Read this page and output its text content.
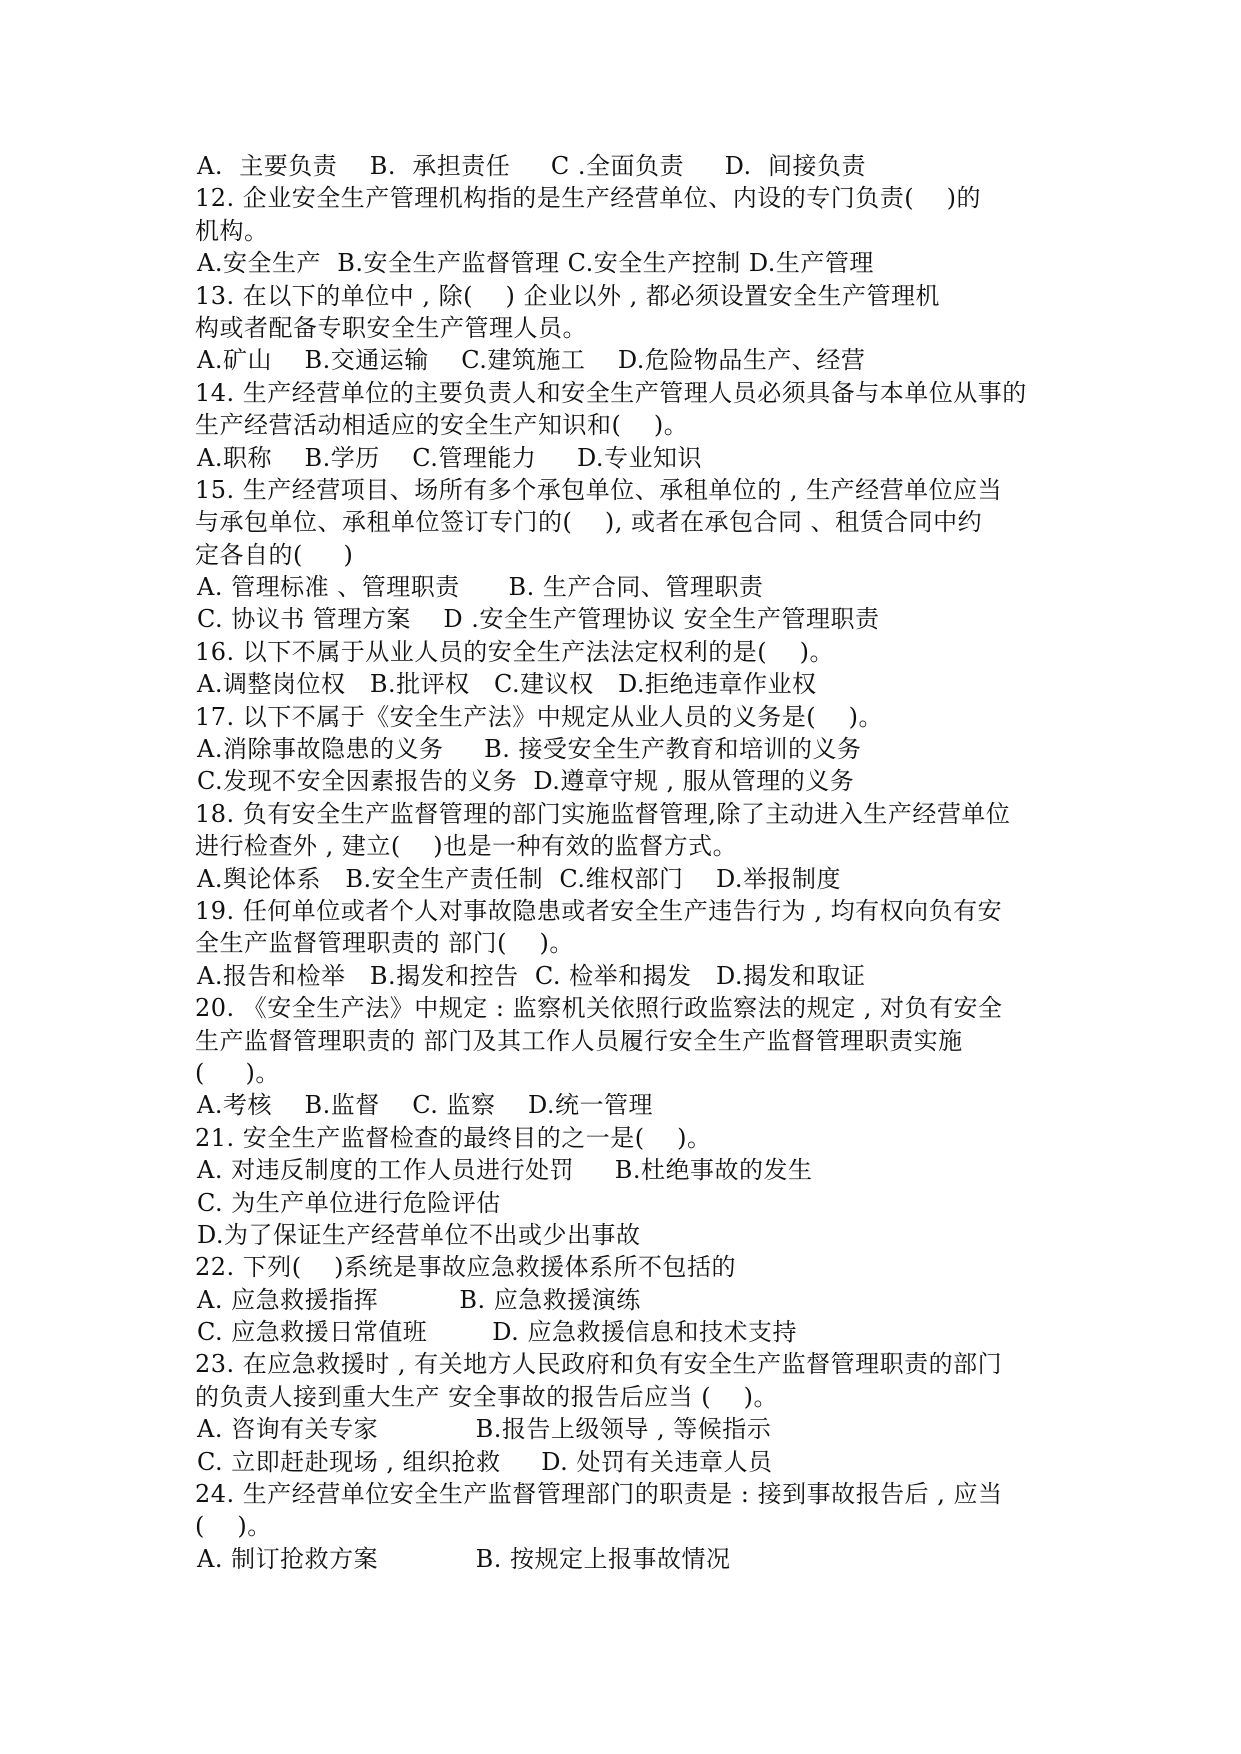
A.  主要负责    B.  承担责任     C .全面负责     D.  间接负责
12. 企业安全生产管理机构指的是生产经营单位、内设的专门负责(    )的
机构。
A.安全生产  B.安全生产监督管理 C.安全生产控制 D.生产管理
13. 在以下的单位中 , 除(    ) 企业以外 , 都必须设置安全生产管理机
构或者配备专职安全生产管理人员。
A.矿山    B.交通运输    C.建筑施工    D.危险物品生产、经营
14. 生产经营单位的主要负责人和安全生产管理人员必须具备与本单位从事的
生产经营活动相适应的安全生产知识和(    )。
A.职称    B.学历    C.管理能力     D.专业知识
15. 生产经营项目、场所有多个承包单位、承租单位的 , 生产经营单位应当
与承包单位、承租单位签订专门的(    ), 或者在承包合同 、租赁合同中约
定各自的(     )
A. 管理标准 、管理职责      B. 生产合同、管理职责
C. 协议书 管理方案    D .安全生产管理协议 安全生产管理职责
16. 以下不属于从业人员的安全生产法法定权利的是(    )。
A.调整岗位权   B.批评权   C.建议权   D.拒绝违章作业权
17. 以下不属于《安全生产法》中规定从业人员的义务是(    )。
A.消除事故隐患的义务     B. 接受安全生产教育和培训的义务
C.发现不安全因素报告的义务  D.遵章守规 , 服从管理的义务
18. 负有安全生产监督管理的部门实施监督管理,除了主动进入生产经营单位
进行检查外 , 建立(    )也是一种有效的监督方式。
A.舆论体系   B.安全生产责任制  C.维权部门    D.举报制度
19. 任何单位或者个人对事故隐患或者安全生产违告行为 , 均有权向负有安
全生产监督管理职责的 部门(    )。
A.报告和检举   B.揭发和控告  C. 检举和揭发   D.揭发和取证
20. 《安全生产法》中规定 : 监察机关依照行政监察法的规定 , 对负有安全
生产监督管理职责的 部门及其工作人员履行安全生产监督管理职责实施
(     )。
A.考核    B.监督    C. 监察    D.统一管理
21. 安全生产监督检查的最终目的之一是(    )。
A. 对违反制度的工作人员进行处罚     B.杜绝事故的发生
C. 为生产单位进行危险评估
D.为了保证生产经营单位不出或少出事故
22. 下列(    )系统是事故应急救援体系所不包括的
A. 应急救援指挥          B. 应急救援演练
C. 应急救援日常值班        D. 应急救援信息和技术支持
23. 在应急救援时 , 有关地方人民政府和负有安全生产监督管理职责的部门
的负责人接到重大生产 安全事故的报告后应当 (    )。
A. 咨询有关专家            B.报告上级领导 , 等候指示
C. 立即赶赴现场 , 组织抢救     D. 处罚有关违章人员
24. 生产经营单位安全生产监督管理部门的职责是 : 接到事故报告后 , 应当
(    )。
A. 制订抢救方案            B. 按规定上报事故情况
